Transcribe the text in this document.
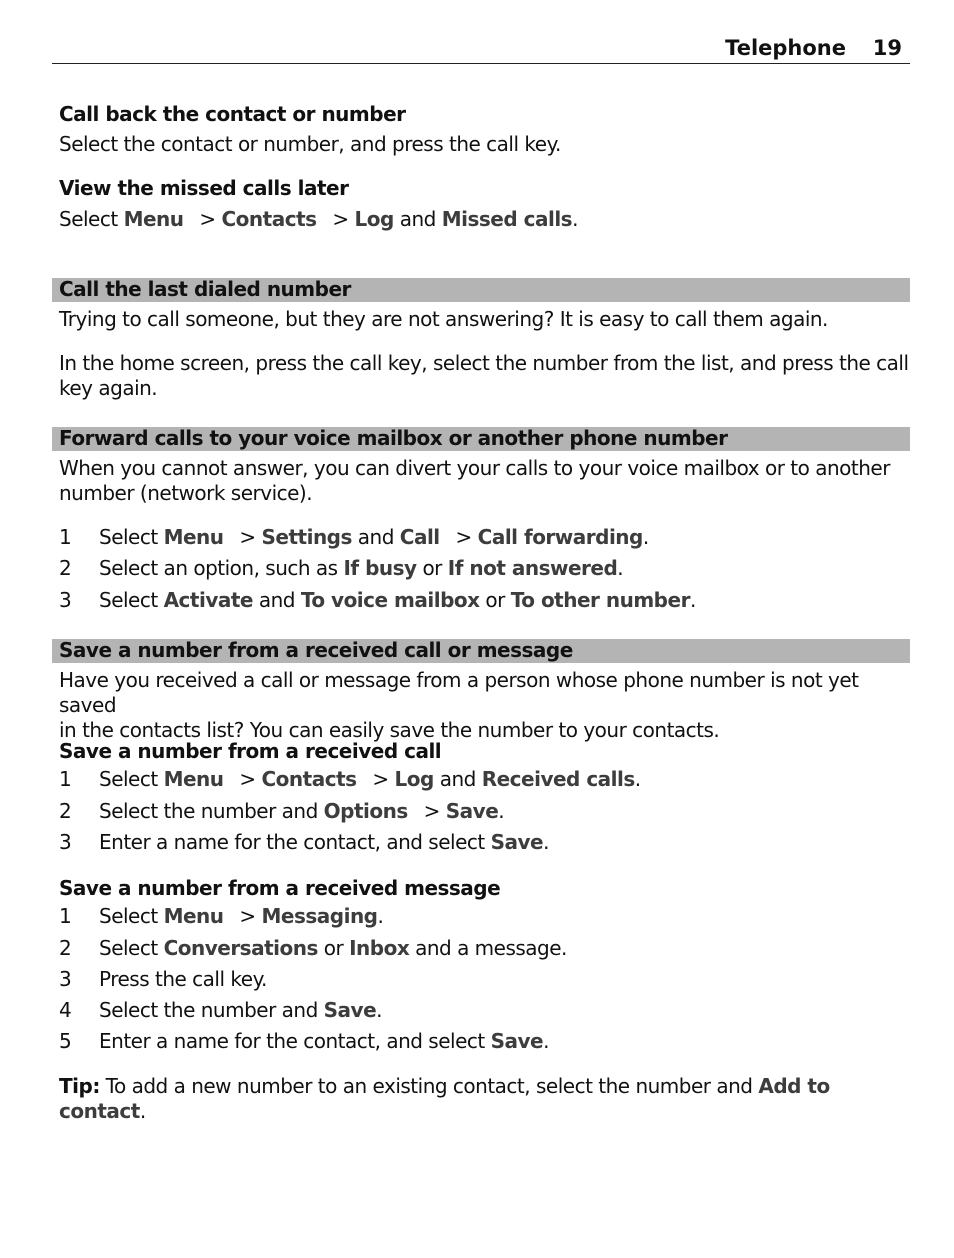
Telephone 19
Call back the contact or number
Select the contact or number, and press the call key.
View the missed calls later
Select Menu > Contacts > Log and Missed calls.
Call the last dialed number
Trying to call someone, but they are not answering? It is easy to call them again.
In the home screen, press the call key, select the number from the list, and press the call
key again.
Forward calls to your voice mailbox or another phone number
When you cannot answer, you can divert your calls to your voice mailbox or to another
number (network service).
1 Select Menu > Settings and Call > Call forwarding.
2 Select an option, such as If busy or If not answered.
3 Select Activate and To voice mailbox or To other number.
Save a number from a received call or message
Have you received a call or message from a person whose phone number is not yet saved
in the contacts list? You can easily save the number to your contacts.
Save a number from a received call
1 Select Menu > Contacts > Log and Received calls.
2 Select the number and Options > Save.
3 Enter a name for the contact, and select Save.
Save a number from a received message
1 Select Menu > Messaging.
2 Select Conversations or Inbox and a message.
3 Press the call key.
4 Select the number and Save.
5 Enter a name for the contact, and select Save.
Tip: To add a new number to an existing contact, select the number and Add to
contact.
